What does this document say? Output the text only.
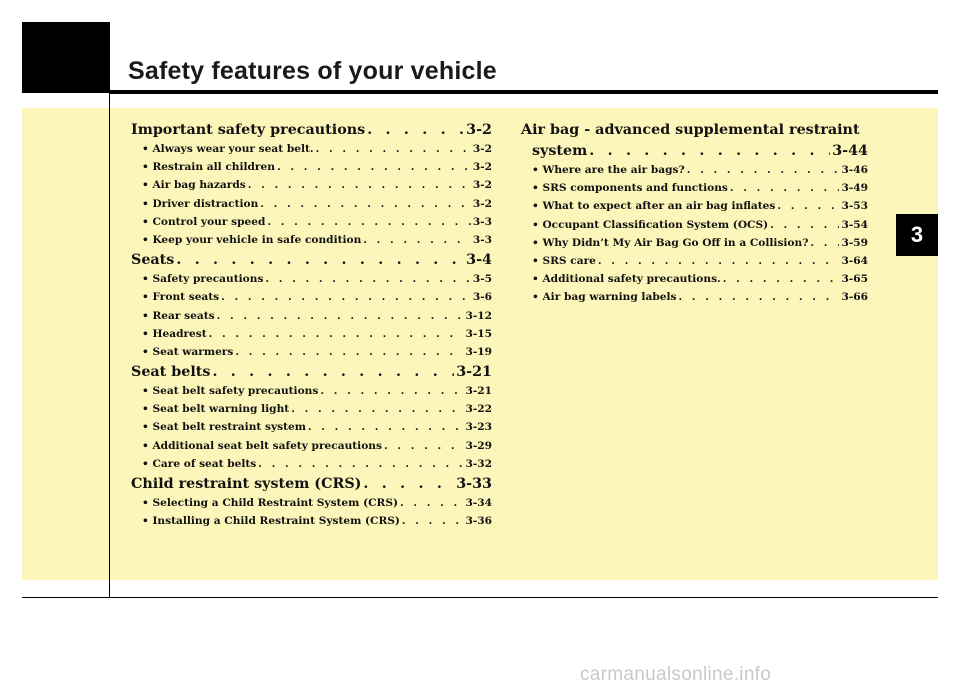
Safety features of your vehicle
3
Important safety precautions . . .	3-2
• Always wear your seat belt. . . .	3-2
• Restrain all children . . .	3-2
• Air bag hazards . . .	3-2
• Driver distraction . . .	3-2
• Control your speed . . .	3-3
• Keep your vehicle in safe condition . . .	3-3
Seats . . .	3-4
• Safety precautions . . .	3-5
• Front seats . . .	3-6
• Rear seats . . .	3-12
• Headrest . . .	3-15
• Seat warmers . . .	3-19
Seat belts . . .	3-21
• Seat belt safety precautions . . .	3-21
• Seat belt warning light . . .	3-22
• Seat belt restraint system . . .	3-23
• Additional seat belt safety precautions . . .	3-29
• Care of seat belts . . .	3-32
Child restraint system (CRS) . . .	3-33
• Selecting a Child Restraint System (CRS) . . .	3-34
• Installing a Child Restraint System (CRS) . . .	3-36
Air bag - advanced supplemental restraint
system . . .	3-44
• Where are the air bags? . . .	3-46
• SRS components and functions . . .	3-49
• What to expect after an air bag inflates . . .	3-53
• Occupant Classification System (OCS) . . .	3-54
• Why Didn’t My Air Bag Go Off in a Collision? . . .	3-59
• SRS care . . .	3-64
• Additional safety precautions. . . .	3-65
• Air bag warning labels . . .	3-66
carmanualsonline.info
